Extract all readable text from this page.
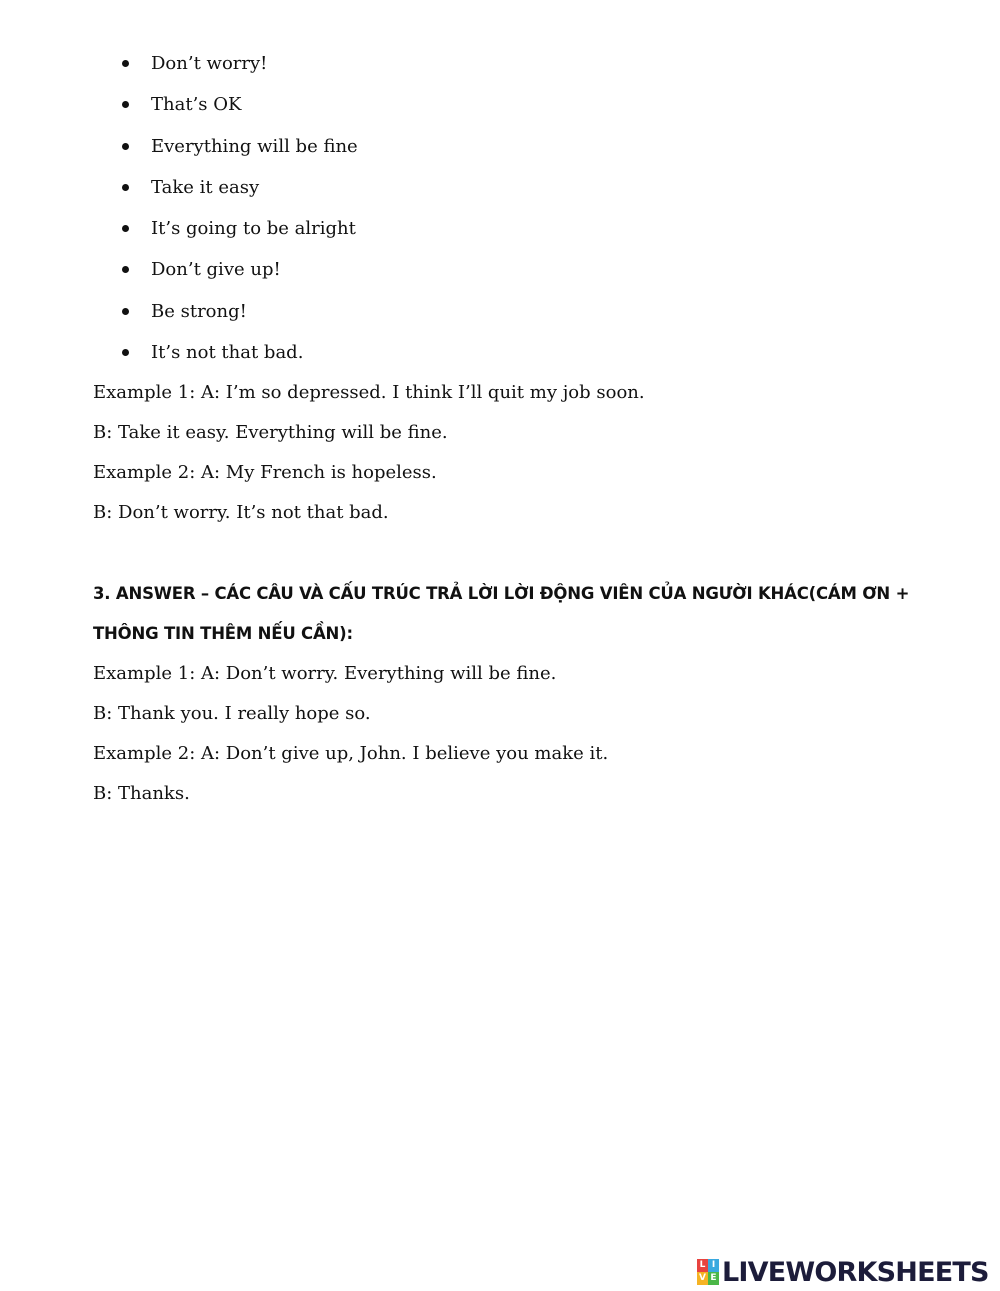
Don’t worry!
That’s OK
Everything will be fine
Take it easy
It’s going to be alright
Don’t give up!
Be strong!
It’s not that bad.
Example 1: A: I’m so depressed. I think I’ll quit my job soon.
B: Take it easy. Everything will be fine.
Example 2: A: My French is hopeless.
B: Don’t worry. It’s not that bad.
3. ANSWER – CÁC CÂU VÀ CẤU TRÚC TRẢ LỜI LỜI ĐỘNG VIÊN CỦA NGƯỜI KHÁC(CÁM ƠN +
THÔNG TIN THÊM NẾU CẦN):
Example 1: A: Don’t worry. Everything will be fine.
B: Thank you. I really hope so.
Example 2: A: Don’t give up, John. I believe you make it.
B: Thanks.
L I
V E LIVEWORKSHEETS
